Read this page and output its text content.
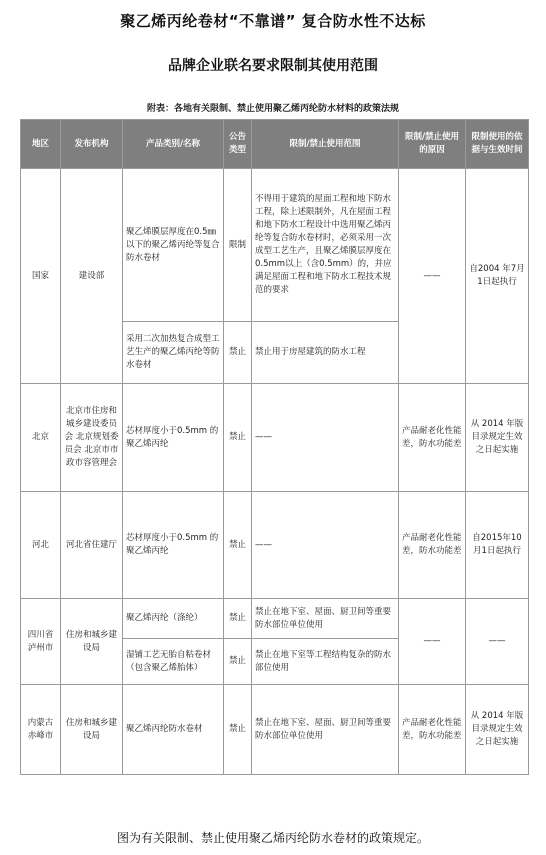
聚乙烯丙纶卷材“不靠谱” 复合防水性不达标
品牌企业联名要求限制其使用范围
附表：各地有关限制、禁止使用聚乙烯丙纶防水材料的政策法规
地区	发布机构	产品类别/名称	公告类型	限制/禁止使用范围	限制/禁止使用的原因	限制使用的依据与生效时间
国家	建设部	聚乙烯膜层厚度在0.5㎜以下的聚乙烯丙纶等复合防水卷材	限制	不得用于建筑的屋面工程和地下防水工程，除上述限制外，凡在屋面工程和地下防水工程设计中选用聚乙烯丙纶等复合防水卷材时，必须采用一次成型工艺生产，且聚乙烯膜层厚度在0.5mm以上（含0.5mm）的，并应满足屋面工程和地下防水工程技术规范的要求	——	自2004 年7月 1日起执行
		采用二次加热复合成型工艺生产的聚乙烯丙纶等防水卷材	禁止	禁止用于房屋建筑的防水工程		
北京	北京市住房和城乡建设委员会 北京规划委员会 北京市市政市容管理会	芯材厚度小于0.5mm 的聚乙烯丙纶	禁止	——	产品耐老化性能差，防水功能差	从 2014 年版目录规定生效之日起实施
河北	河北省住建厅	芯材厚度小于0.5mm 的聚乙烯丙纶	禁止	——	产品耐老化性能差，防水功能差	自2015年10月1日起执行
四川省泸州市	住房和城乡建设局	聚乙烯丙纶（涤纶）	禁止	禁止在地下室、屋面、厨卫间等重要防水部位单位使用	——	——
		湿铺工艺无胎自粘卷材（包含聚乙烯胎体）	禁止	禁止在地下室等工程结构复杂的防水部位使用		
内蒙古赤峰市	住房和城乡建设局	聚乙烯丙纶防水卷材	禁止	禁止在地下室、屋面、厨卫间等重要防水部位单位使用	产品耐老化性能差，防水功能差	从 2014 年版目录规定生效之日起实施
图为有关限制、禁止使用聚乙烯丙纶防水卷材的政策规定。
